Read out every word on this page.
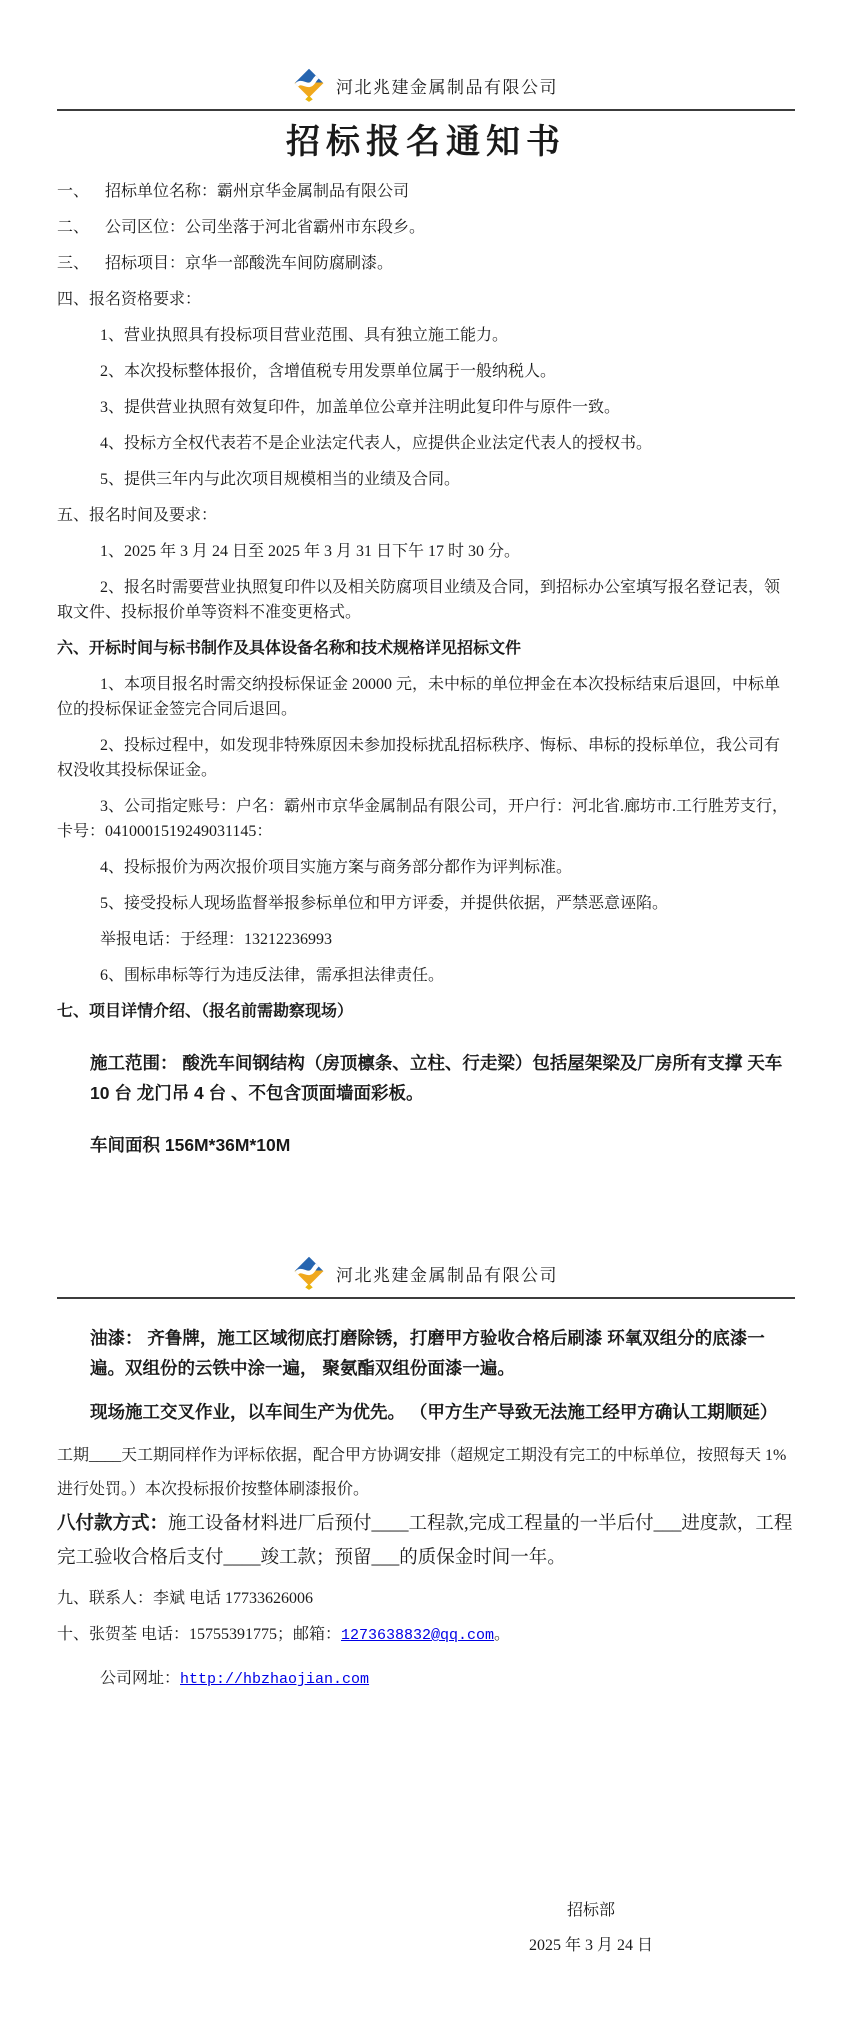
河北兆建金属制品有限公司
招标报名通知书

一、 招标单位名称：霸州京华金属制品有限公司

二、 公司区位：公司坐落于河北省霸州市东段乡。

三、 招标项目：京华一部酸洗车间防腐刷漆。

四、报名资格要求：

1、营业执照具有投标项目营业范围、具有独立施工能力。

2、本次投标整体报价，含增值税专用发票单位属于一般纳税人。

3、提供营业执照有效复印件，加盖单位公章并注明此复印件与原件一致。

4、投标方全权代表若不是企业法定代表人，应提供企业法定代表人的授权书。

5、提供三年内与此次项目规模相当的业绩及合同。

五、报名时间及要求：

1、2025 年 3 月 24 日至 2025 年 3 月 31 日下午 17 时 30 分。

2、报名时需要营业执照复印件以及相关防腐项目业绩及合同，到招标办公室填写报名登记表，领取文件、投标报价单等资料不准变更格式。

六、开标时间与标书制作及具体设备名称和技术规格详见招标文件

1、本项目报名时需交纳投标保证金 20000 元，未中标的单位押金在本次投标结束后退回，中标单位的投标保证金签完合同后退回。

2、投标过程中，如发现非特殊原因未参加投标扰乱招标秩序、悔标、串标的投标单位，我公司有权没收其投标保证金。

3、公司指定账号：户名：霸州市京华金属制品有限公司，开户行：河北省.廊坊市.工行胜芳支行，卡号：0410001519249031145：

4、投标报价为两次报价项目实施方案与商务部分都作为评判标准。

5、接受投标人现场监督举报参标单位和甲方评委，并提供依据，严禁恶意诬陷。

举报电话：于经理：13212236993

6、围标串标等行为违反法律，需承担法律责任。

七、项目详情介绍、（报名前需勘察现场）

施工范围： 酸洗车间钢结构（房顶檩条、立柱、行走梁）包括屋架梁及厂房所有支撑 天车 10 台 龙门吊 4 台 、不包含顶面墙面彩板。

车间面积 156M*36M*10M

河北兆建金属制品有限公司

油漆： 齐鲁牌，施工区域彻底打磨除锈，打磨甲方验收合格后刷漆 环氧双组分的底漆一遍。双组份的云铁中涂一遍， 聚氨酯双组份面漆一遍。

现场施工交叉作业，以车间生产为优先。 （甲方生产导致无法施工经甲方确认工期顺延）

工期____天工期同样作为评标依据，配合甲方协调安排（超规定工期没有完工的中标单位，按照每天 1%进行处罚。）本次投标报价按整体刷漆报价。

八付款方式：施工设备材料进厂后预付____工程款,完成工程量的一半后付___进度款，工程完工验收合格后支付____竣工款；预留___的质保金时间一年。

九、联系人：李斌 电话 17733626006

十、张贺荃 电话：15755391775；邮箱：1273638832@qq.com。

公司网址：http://hbzhaojian.com

招标部

2025 年 3 月 24 日
